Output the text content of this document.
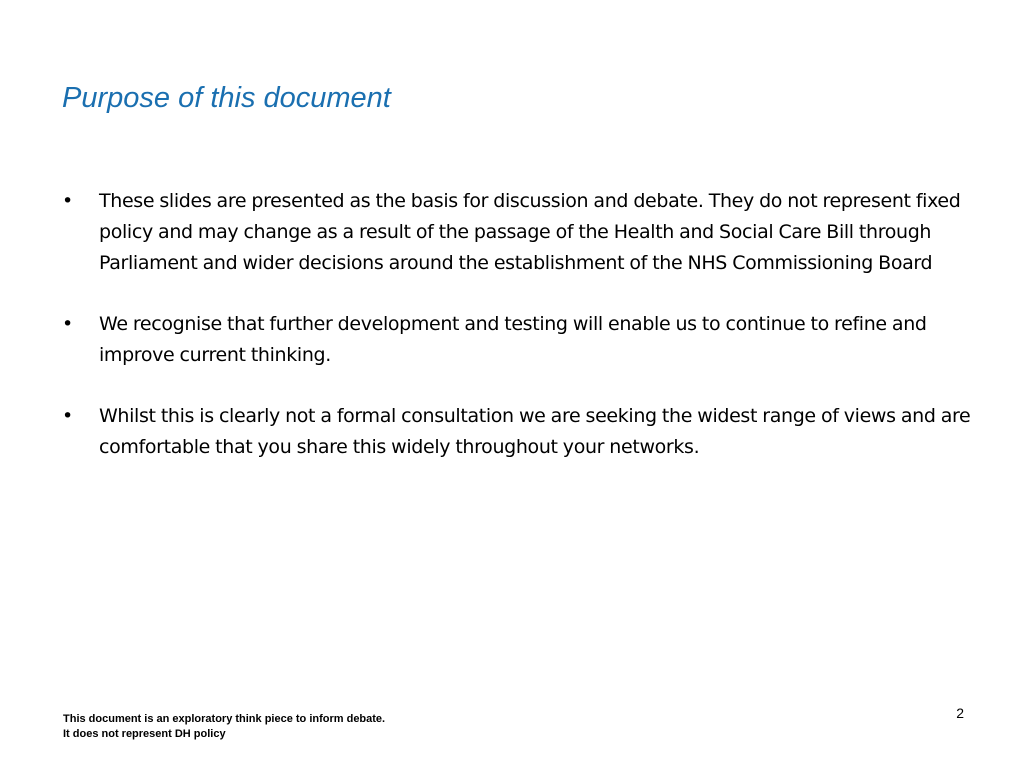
Purpose of this document
•	These slides are presented as the basis for discussion and debate. They do not represent fixed policy and may change as a result of the passage of the Health and Social Care Bill through Parliament and wider decisions around the establishment of the NHS Commissioning Board
•	We recognise that further development and testing will enable us to continue to refine and improve current thinking.
•	Whilst this is clearly not a formal consultation we are seeking the widest range of views and are comfortable that you share this widely throughout your networks.
This document is an exploratory think piece to inform debate.
It does not represent DH policy
2
